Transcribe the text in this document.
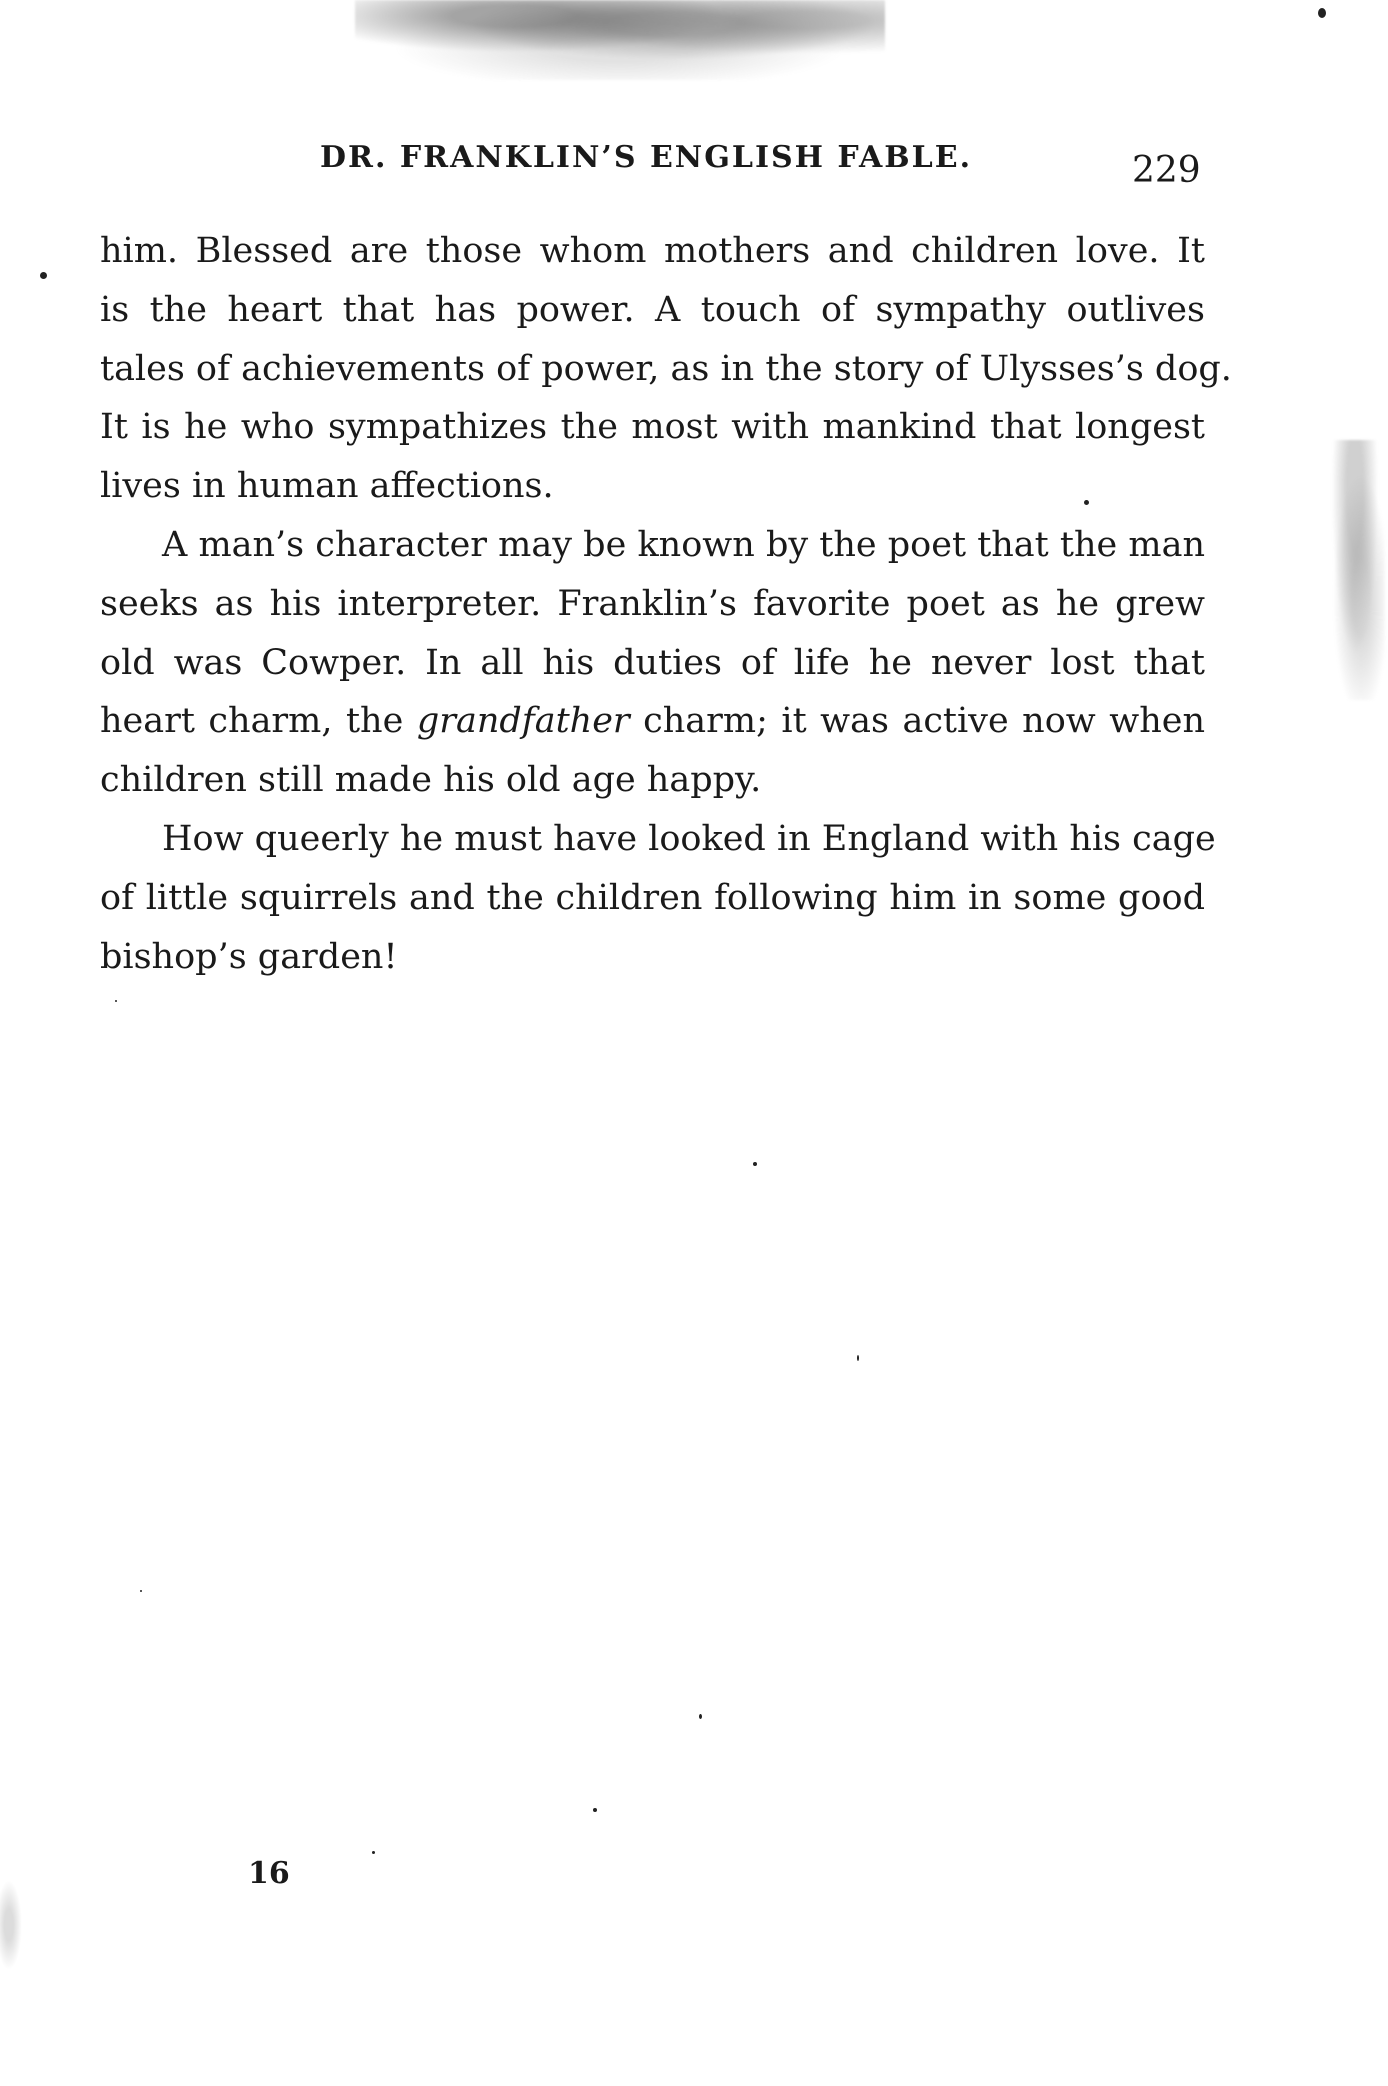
DR. FRANKLIN’S ENGLISH FABLE.	229

him. Blessed are those whom mothers and children love. It
is the heart that has power. A touch of sympathy outlives
tales of achievements of power, as in the story of Ulysses’s dog.
It is he who sympathizes the most with mankind that longest
lives in human affections.

A man’s character may be known by the poet that the man
seeks as his interpreter. Franklin’s favorite poet as he grew
old was Cowper. In all his duties of life he never lost that
heart charm, the grandfather charm; it was active now when
children still made his old age happy.

How queerly he must have looked in England with his cage
of little squirrels and the children following him in some good
bishop’s garden!

16
